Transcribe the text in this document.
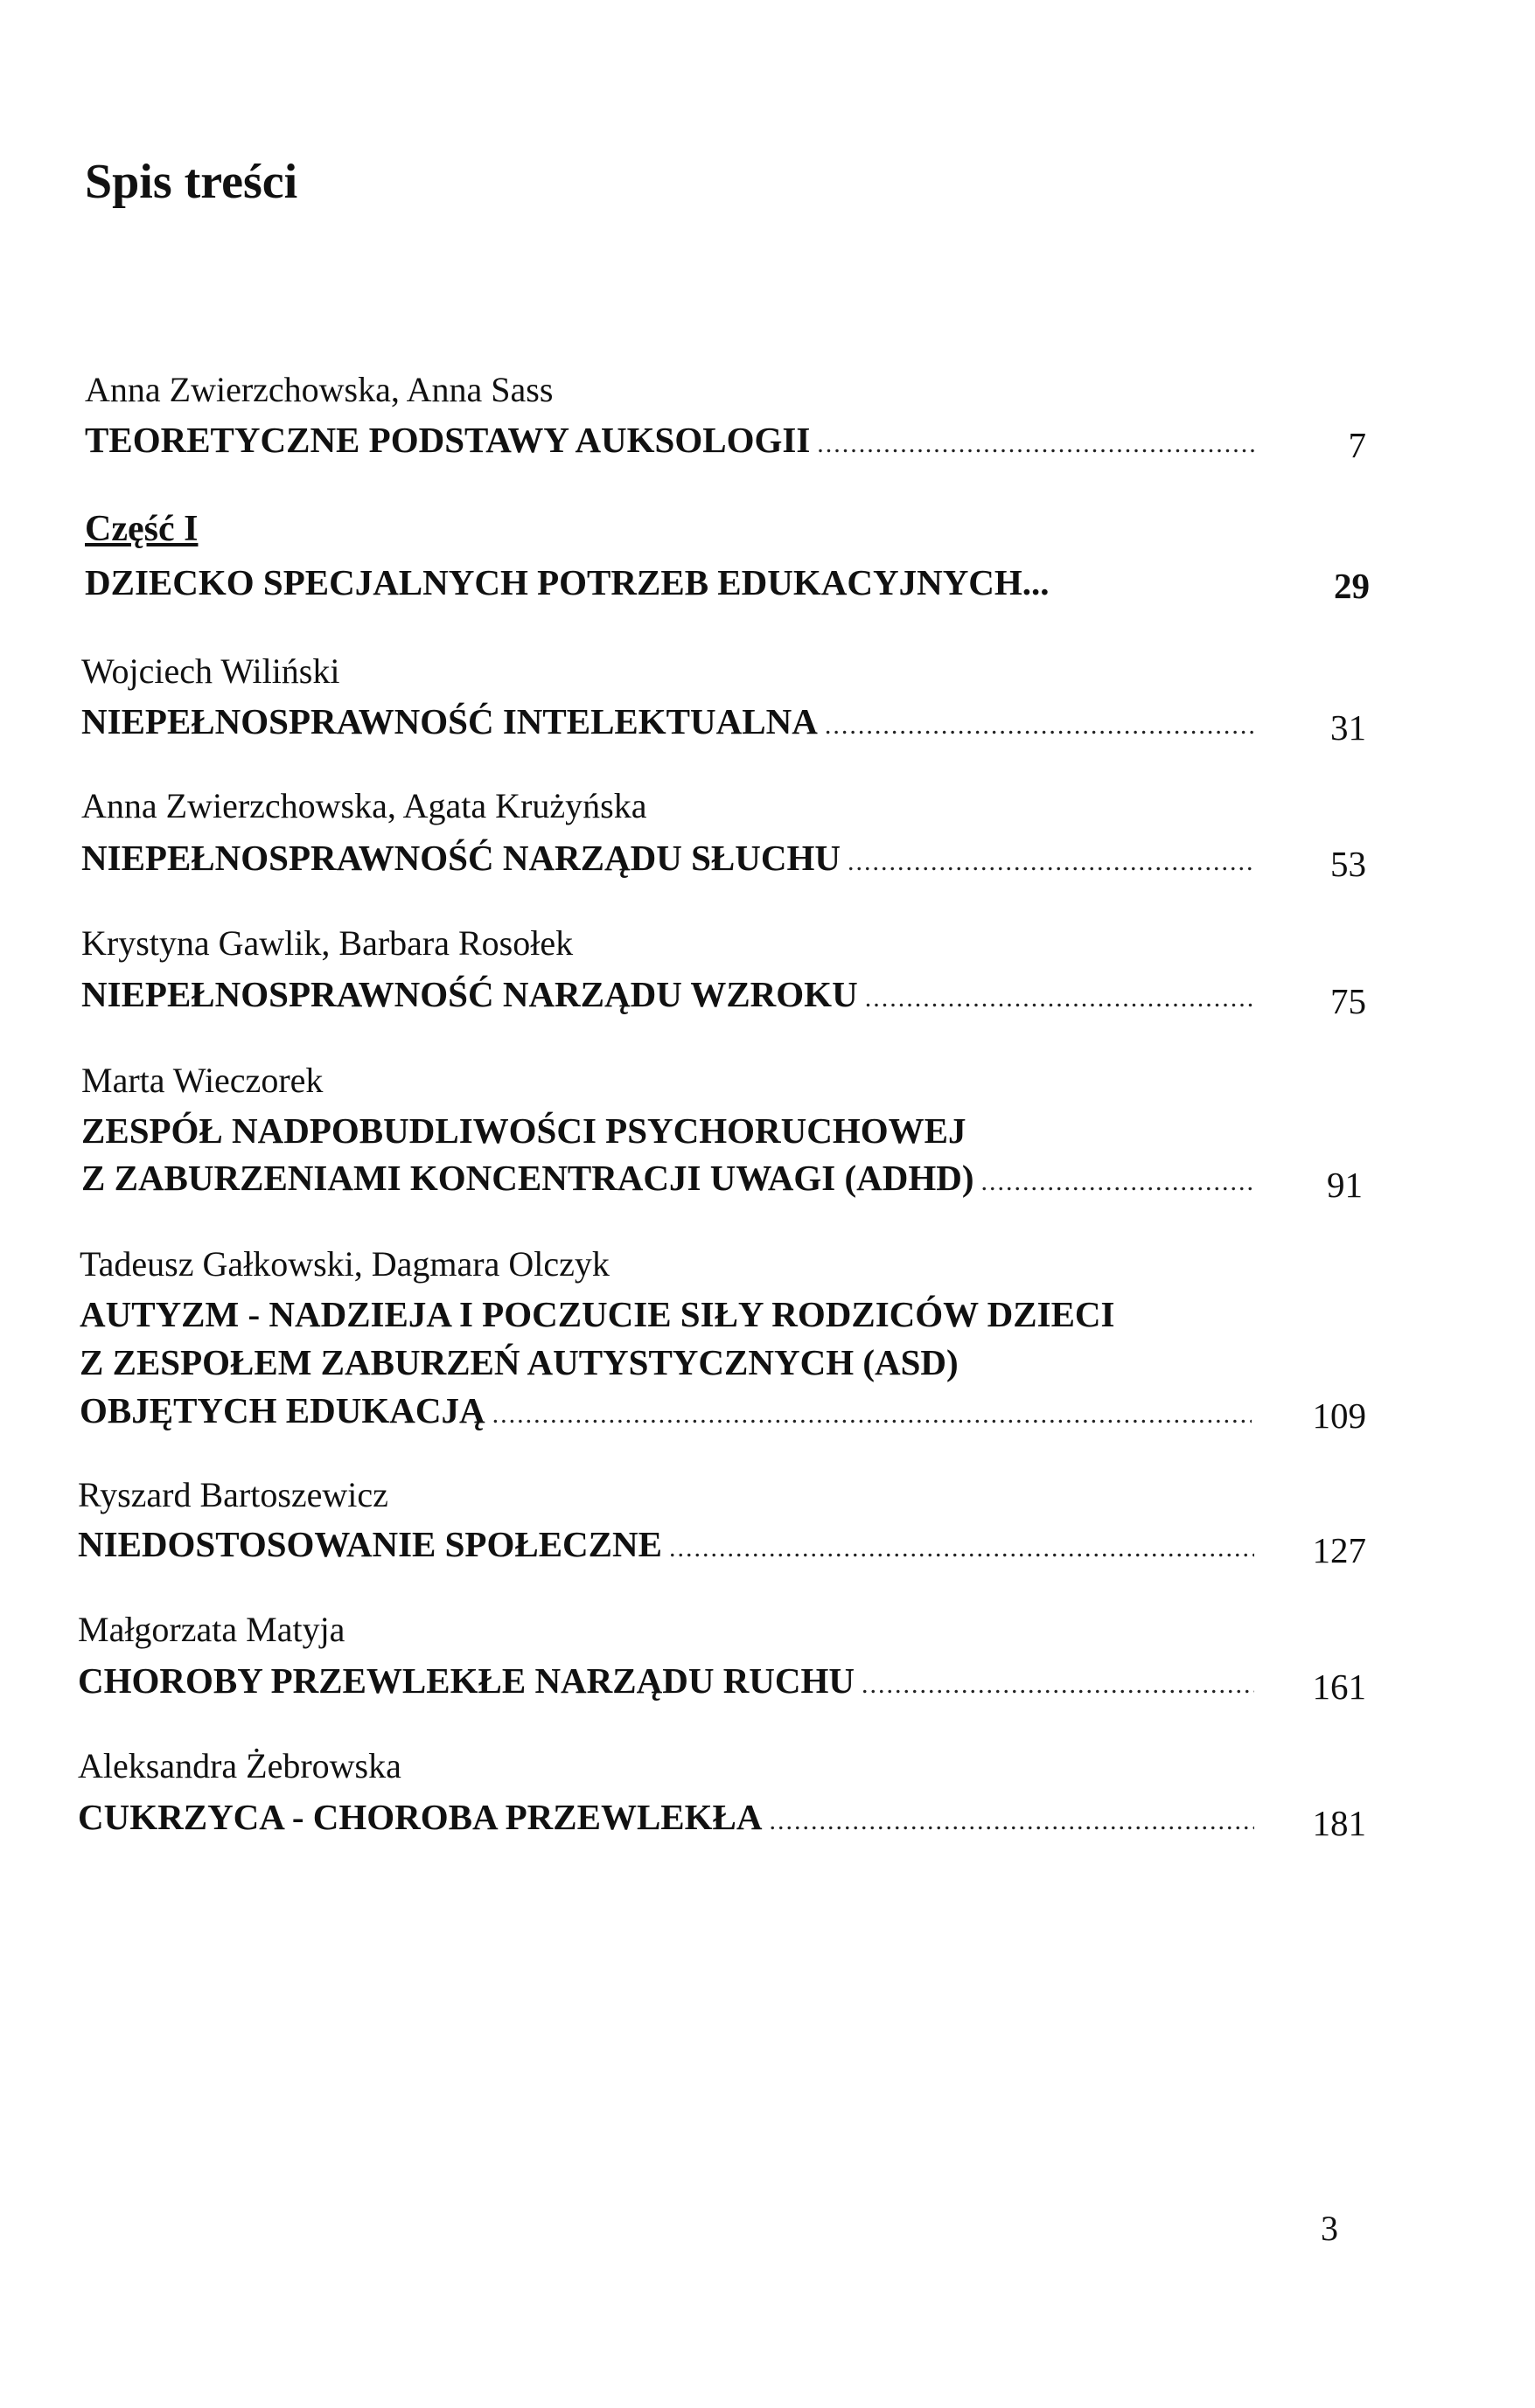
Spis treści
Anna Zwierzchowska, Anna Sass
TEORETYCZNE PODSTAWY AUKSOLOGII .....	7
Część I
DZIECKO SPECJALNYCH POTRZEB EDUKACYJNYCH...	29
Wojciech Wiliński
NIEPEŁNOSPRAWNOŚĆ INTELEKTUALNA .....	31
Anna Zwierzchowska, Agata Krużyńska
NIEPEŁNOSPRAWNOŚĆ NARZĄDU SŁUCHU .....	53
Krystyna Gawlik, Barbara Rosołek
NIEPEŁNOSPRAWNOŚĆ NARZĄDU WZROKU .....	75
Marta Wieczorek
ZESPÓŁ NADPOBUDLIWOŚCI PSYCHORUCHOWEJ
Z ZABURZENIAMI KONCENTRACJI UWAGI (ADHD) .....	91
Tadeusz Gałkowski, Dagmara Olczyk
AUTYZM - NADZIEJA I POCZUCIE SIŁY RODZICÓW DZIECI
Z ZESPOŁEM ZABURZEŃ AUTYSTYCZNYCH (ASD)
OBJĘTYCH EDUKACJĄ .....	109
Ryszard Bartoszewicz
NIEDOSTOSOWANIE SPOŁECZNE .....	127
Małgorzata Matyja
CHOROBY PRZEWLEKŁE NARZĄDU RUCHU .....	161
Aleksandra Żebrowska
CUKRZYCA - CHOROBA PRZEWLEKŁA .....	181
3
